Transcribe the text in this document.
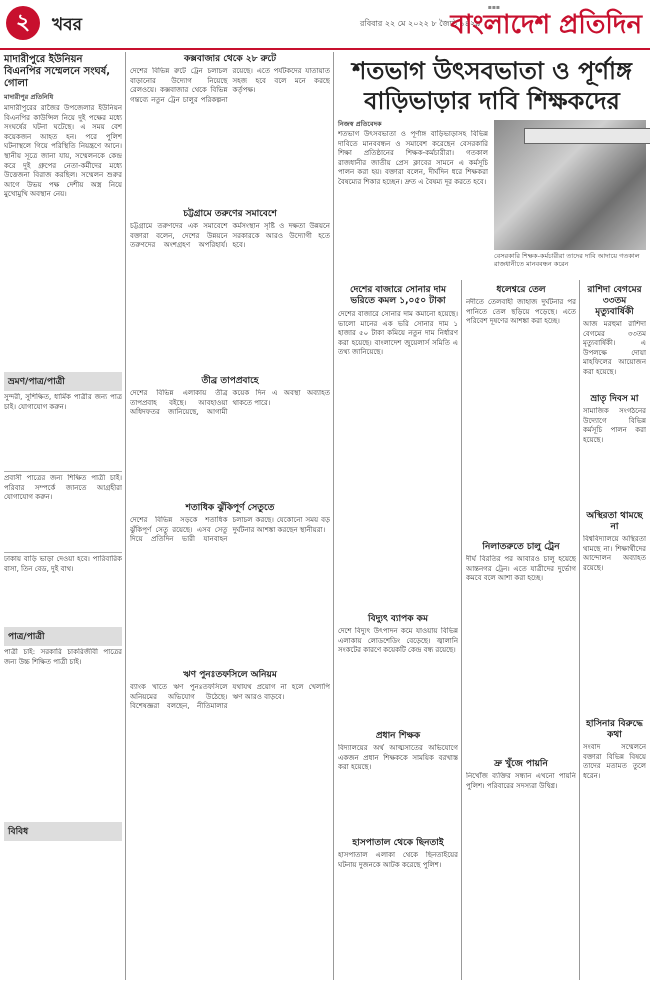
২	খবর
▪▪▪
রবিবার ২২ মে ২০২২ ৮ জ্যৈষ্ঠ ১৪২৯
বাংলাদেশ প্রতিদিন
মাদারীপুরে ইউনিয়ন বিএনপির সম্মেলনে সংঘর্ষ, গোলা
মাদারীপুর প্রতিনিধি
মাদারীপুরের রাজৈর উপজেলার ইউনিয়ন বিএনপির কাউন্সিল নিয়ে দুই পক্ষের মধ্যে সংঘর্ষের ঘটনা ঘটেছে। এ সময় বেশ কয়েকজন আহত হন। পরে পুলিশ ঘটনাস্থলে গিয়ে পরিস্থিতি নিয়ন্ত্রণে আনে। স্থানীয় সূত্রে জানা যায়, সম্মেলনকে কেন্দ্র করে দুই গ্রুপের নেতা-কর্মীদের মধ্যে উত্তেজনা বিরাজ করছিল। সম্মেলন শুরুর আগে উভয় পক্ষ দেশীয় অস্ত্র নিয়ে মুখোমুখি অবস্থান নেয়।
ভ্রমণ/পাত্র/পাত্রী
সুন্দরী, সুশিক্ষিত, ধার্মিক পাত্রীর জন্য পাত্র চাই। যোগাযোগ করুন।
প্রবাসী পাত্রের জন্য শিক্ষিত পাত্রী চাই। পরিবার সম্পর্কে জানতে আগ্রহীরা যোগাযোগ করুন।
ঢাকায় বাড়ি ভাড়া দেওয়া হবে। পারিবারিক বাসা, তিন বেড, দুই বাথ।
পাত্র/পাত্রী
পাত্রী চাই: সরকারি চাকরিজীবী পাত্রের জন্য উচ্চ শিক্ষিত পাত্রী চাই।
বিবিধ
কক্সবাজার থেকে ২৮ রুটে
দেশের বিভিন্ন রুটে ট্রেন চলাচল বাড়ানোর উদ্যোগ নিয়েছে রেলওয়ে। কক্সবাজার থেকে বিভিন্ন গন্তব্যে নতুন ট্রেন চালুর পরিকল্পনা রয়েছে। এতে পর্যটকদের যাতায়াত সহজ হবে বলে মনে করছে কর্তৃপক্ষ।
চট্টগ্রামে তরুণের সমাবেশে
চট্টগ্রামে তরুণদের এক সমাবেশে বক্তারা বলেন, দেশের উন্নয়নে তরুণদের অংশগ্রহণ অপরিহার্য। কর্মসংস্থান সৃষ্টি ও দক্ষতা উন্নয়নে সরকারকে আরও উদ্যোগী হতে হবে।
তীব্র তাপপ্রবাহে
দেশের বিভিন্ন এলাকায় তীব্র তাপপ্রবাহ বইছে। আবহাওয়া অধিদফতর জানিয়েছে, আগামী কয়েক দিন এ অবস্থা অব্যাহত থাকতে পারে।
শতাধিক ঝুঁকিপূর্ণ সেতুতে
দেশের বিভিন্ন সড়কে শতাধিক ঝুঁকিপূর্ণ সেতু রয়েছে। এসব সেতু দিয়ে প্রতিদিন ভারী যানবাহন চলাচল করছে। যেকোনো সময় বড় দুর্ঘটনার আশঙ্কা করছেন স্থানীয়রা।
ঋণ পুনঃতফসিলে অনিয়ম
ব্যাংক খাতে ঋণ পুনঃতফসিলে অনিয়মের অভিযোগ উঠেছে। বিশেষজ্ঞরা বলছেন, নীতিমালার যথাযথ প্রয়োগ না হলে খেলাপি ঋণ আরও বাড়বে।
শতভাগ উৎসবভাতা ও পূর্ণাঙ্গ
বাড়িভাড়ার দাবি শিক্ষকদের
নিজস্ব প্রতিবেদক
শতভাগ উৎসবভাতা ও পূর্ণাঙ্গ বাড়িভাড়াসহ বিভিন্ন দাবিতে মানববন্ধন ও সমাবেশ করেছেন বেসরকারি শিক্ষা প্রতিষ্ঠানের শিক্ষক-কর্মচারীরা। গতকাল রাজধানীর জাতীয় প্রেস ক্লাবের সামনে এ কর্মসূচি পালন করা হয়। বক্তারা বলেন, দীর্ঘদিন ধরে শিক্ষকরা বৈষম্যের শিকার হচ্ছেন। দ্রুত এ বৈষম্য দূর করতে হবে।
বেসরকারি শিক্ষক-কর্মচারীরা তাদের দাবি আদায়ে গতকাল রাজধানীতে মানববন্ধন করেন
দেশের বাজারে সোনার দাম ভরিতে কমল ১,০৫০ টাকা
দেশের বাজারে সোনার দাম কমানো হয়েছে। ভালো মানের এক ভরি সোনার দাম ১ হাজার ৫০ টাকা কমিয়ে নতুন দাম নির্ধারণ করা হয়েছে। বাংলাদেশ জুয়েলার্স সমিতি এ তথ্য জানিয়েছে।
বিদ্যুৎ ব্যাপক কম
দেশে বিদ্যুৎ উৎপাদন কমে যাওয়ায় বিভিন্ন এলাকায় লোডশেডিং বেড়েছে। জ্বালানি সংকটের কারণে কয়েকটি কেন্দ্র বন্ধ রয়েছে।
প্রধান শিক্ষক
বিদ্যালয়ের অর্থ আত্মসাতের অভিযোগে একজন প্রধান শিক্ষককে সাময়িক বরখাস্ত করা হয়েছে।
হাসপাতাল থেকে ছিনতাই
হাসপাতাল এলাকা থেকে ছিনতাইয়ের ঘটনায় দুজনকে আটক করেছে পুলিশ।
ধলেশ্বরে তেল
নদীতে তেলবাহী জাহাজ দুর্ঘটনার পর পানিতে তেল ছড়িয়ে পড়েছে। এতে পরিবেশ দূষণের আশঙ্কা করা হচ্ছে।
নিলাতরুতে চালু ট্রেন
দীর্ঘ বিরতির পর আবারও চালু হয়েছে আন্তনগর ট্রেন। এতে যাত্রীদের দুর্ভোগ কমবে বলে আশা করা হচ্ছে।
দ্রু খুঁজে পায়নি
নিখোঁজ ব্যক্তির সন্ধান এখনো পায়নি পুলিশ। পরিবারের সদস্যরা উদ্বিগ্ন।
রাশিদা বেগমের ৩৩তম মৃত্যুবার্ষিকী
আজ মরহুমা রাশিদা বেগমের ৩৩তম মৃত্যুবার্ষিকী। এ উপলক্ষে দোয়া মাহফিলের আয়োজন করা হয়েছে।
ভ্রাতৃ দিবস মা
সামাজিক সংগঠনের উদ্যোগে বিভিন্ন কর্মসূচি পালন করা হয়েছে।
অস্থিরতা থামছে না
বিশ্ববিদ্যালয়ে অস্থিরতা থামছে না। শিক্ষার্থীদের আন্দোলন অব্যাহত রয়েছে।
হাসিনার বিরুদ্ধে কথা
সংবাদ সম্মেলনে বক্তারা বিভিন্ন বিষয়ে তাদের মতামত তুলে ধরেন।
